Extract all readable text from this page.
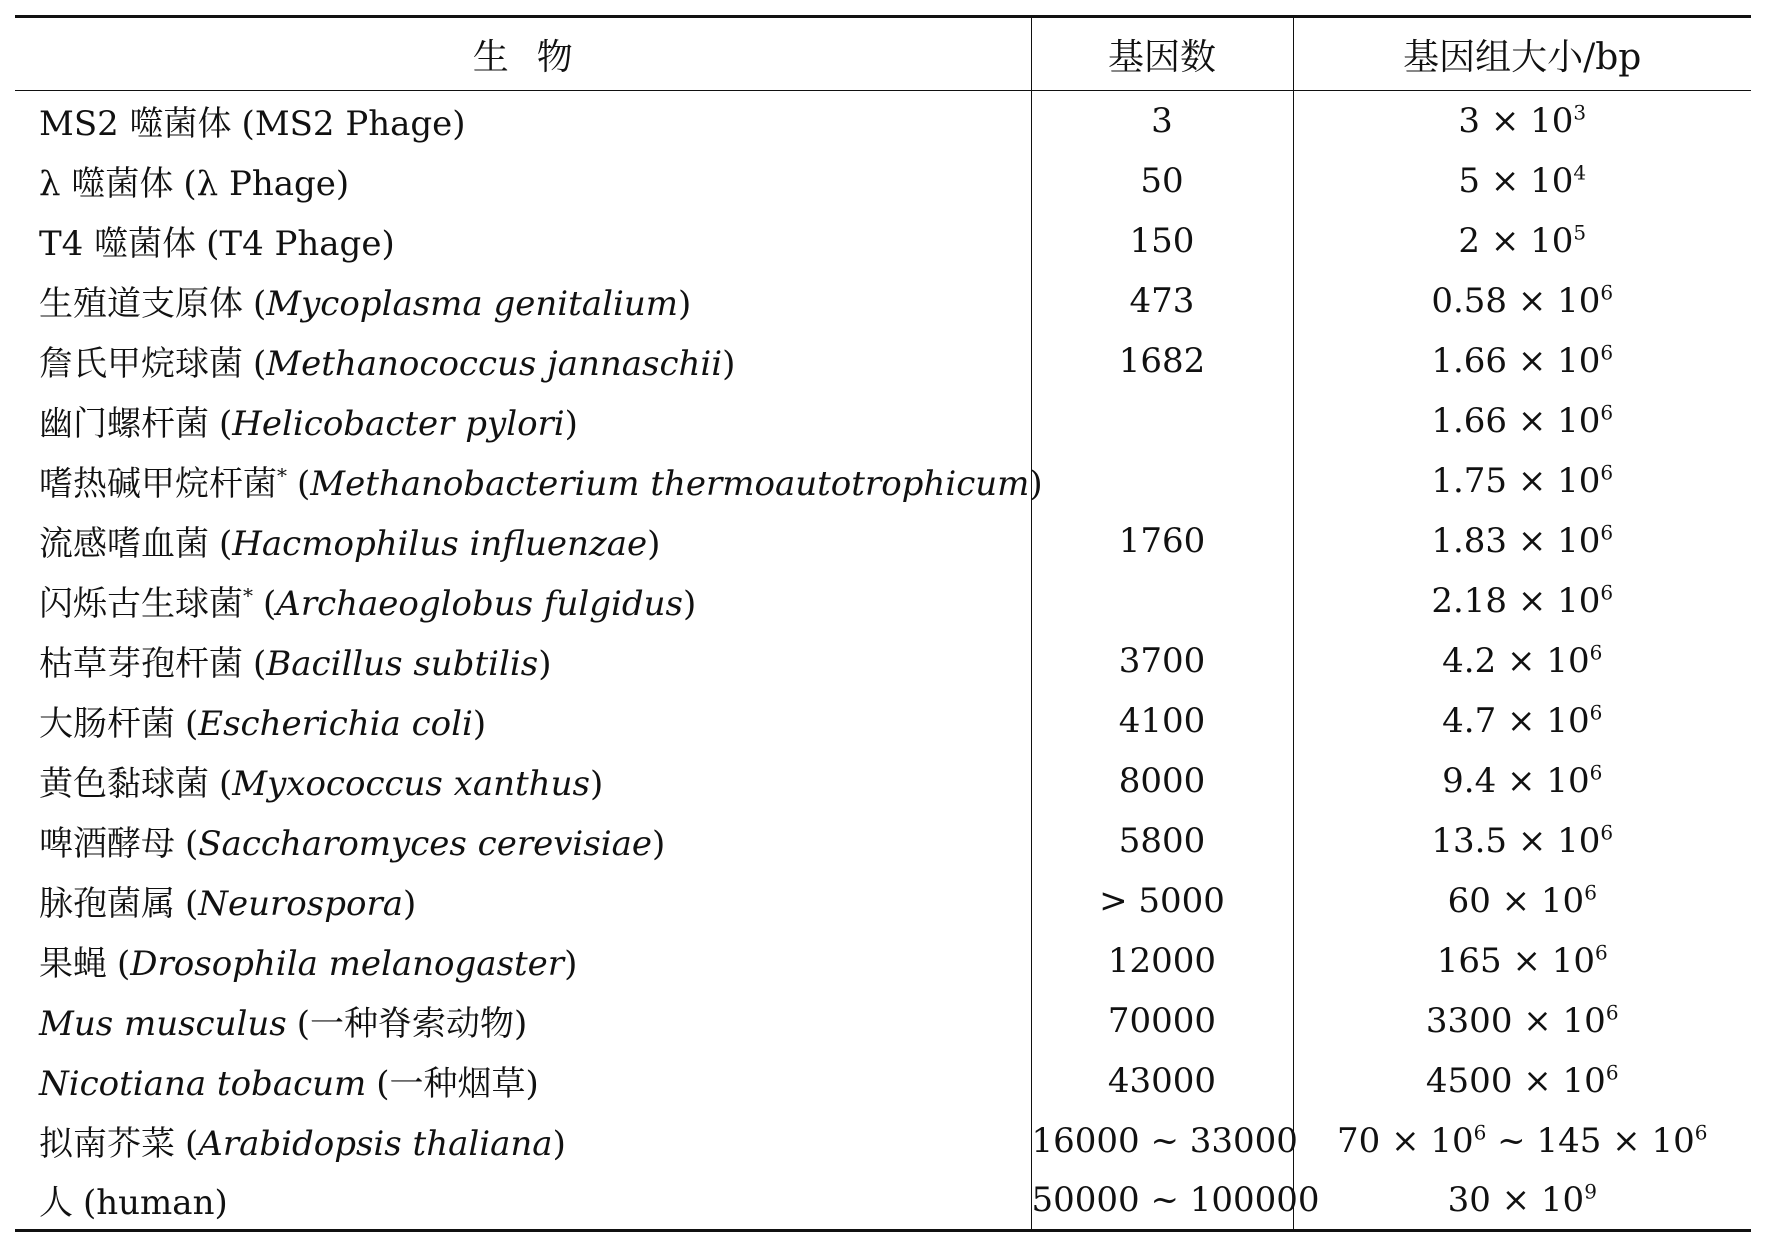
生物	基因数	基因组大小/bp
MS2 噬菌体 (MS2 Phage)	3	$3 \times 10^3$
λ 噬菌体 (λ Phage)	50	$5 \times 10^4$
T4 噬菌体 (T4 Phage)	150	$2 \times 10^5$
生殖道支原体 (Mycoplasma genitalium)	473	$0.58 \times 10^6$
詹氏甲烷球菌 (Methanococcus jannaschii)	1682	$1.66 \times 10^6$
幽门螺杆菌 (Helicobacter pylori)		$1.66 \times 10^6$
嗜热碱甲烷杆菌* (Methanobacterium thermoautotrophicum)		$1.75 \times 10^6$
流感嗜血菌 (Hacmophilus influenzae)	1760	$1.83 \times 10^6$
闪烁古生球菌* (Archaeoglobus fulgidus)		$2.18 \times 10^6$
枯草芽孢杆菌 (Bacillus subtilis)	3700	$4.2 \times 10^6$
大肠杆菌 (Escherichia coli)	4100	$4.7 \times 10^6$
黄色黏球菌 (Myxococcus xanthus)	8000	$9.4 \times 10^6$
啤酒酵母 (Saccharomyces cerevisiae)	5800	$13.5 \times 10^6$
脉孢菌属 (Neurospora)	> 5000	$60 \times 10^6$
果蝇 (Drosophila melanogaster)	12000	$165 \times 10^6$
Mus musculus (一种脊索动物)	70000	$3300 \times 10^6$
Nicotiana tobacum (一种烟草)	43000	$4500 \times 10^6$
拟南芥菜 (Arabidopsis thaliana)	16000 ~ 33000	$70 \times 10^6$ ~ $145 \times 10^6$
人 (human)	50000 ~ 100000	$30 \times 10^9$
